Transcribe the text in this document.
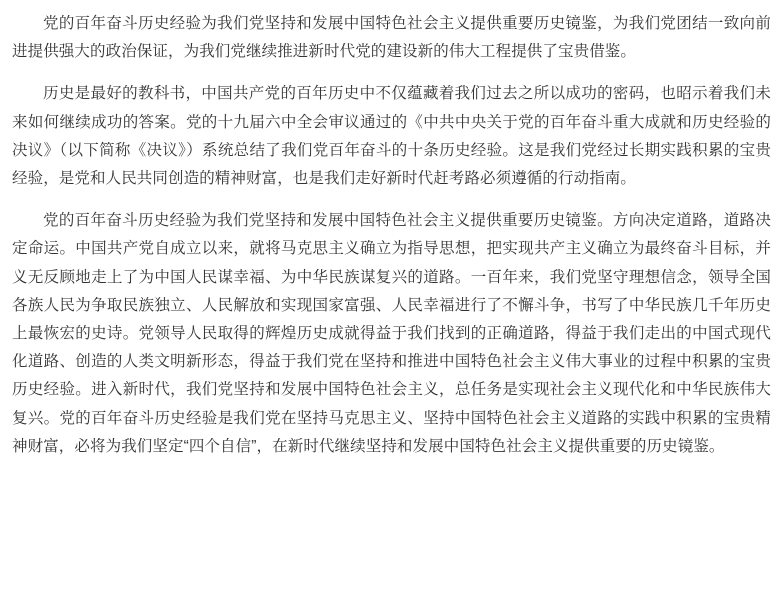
党的百年奋斗历史经验为我们党坚持和发展中国特色社会主义提供重要历史镜鉴，为我们党团结一致向前进提供强大的政治保证，为我们党继续推进新时代党的建设新的伟大工程提供了宝贵借鉴。

历史是最好的教科书，中国共产党的百年历史中不仅蕴藏着我们过去之所以成功的密码，也昭示着我们未来如何继续成功的答案。党的十九届六中全会审议通过的《中共中央关于党的百年奋斗重大成就和历史经验的决议》（以下简称《决议》）系统总结了我们党百年奋斗的十条历史经验。这是我们党经过长期实践积累的宝贵经验，是党和人民共同创造的精神财富，也是我们走好新时代赶考路必须遵循的行动指南。

党的百年奋斗历史经验为我们党坚持和发展中国特色社会主义提供重要历史镜鉴。方向决定道路，道路决定命运。中国共产党自成立以来，就将马克思主义确立为指导思想，把实现共产主义确立为最终奋斗目标，并义无反顾地走上了为中国人民谋幸福、为中华民族谋复兴的道路。一百年来，我们党坚守理想信念，领导全国各族人民为争取民族独立、人民解放和实现国家富强、人民幸福进行了不懈斗争，书写了中华民族几千年历史上最恢宏的史诗。党领导人民取得的辉煌历史成就得益于我们找到的正确道路，得益于我们走出的中国式现代化道路、创造的人类文明新形态，得益于我们党在坚持和推进中国特色社会主义伟大事业的过程中积累的宝贵历史经验。进入新时代，我们党坚持和发展中国特色社会主义，总任务是实现社会主义现代化和中华民族伟大复兴。党的百年奋斗历史经验是我们党在坚持马克思主义、坚持中国特色社会主义道路的实践中积累的宝贵精神财富，必将为我们坚定“四个自信”，在新时代继续坚持和发展中国特色社会主义提供重要的历史镜鉴。
